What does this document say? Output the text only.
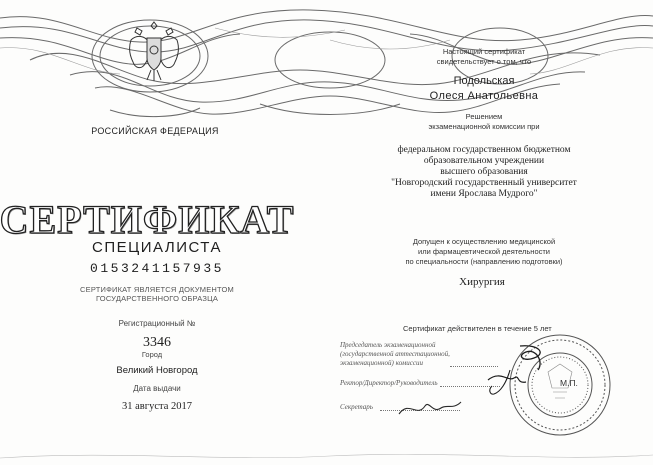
РОССИЙСКАЯ ФЕДЕРАЦИЯ
СЕРТИФИКАТ
СПЕЦИАЛИСТА
0153241157935
СЕРТИФИКАТ ЯВЛЯЕТСЯ ДОКУМЕНТОМ
ГОСУДАРСТВЕННОГО ОБРАЗЦА
Регистрационный №
3346
Город
Великий Новгород
Дата выдачи
31 августа 2017
Настоящий сертификат
свидетельствует о том, что
Подольская
Олеся Анатольевна
Решением
экзаменационной комиссии при
федеральном государственном бюджетном
образовательном учреждении
высшего образования
"Новгородский государственный университет
имени Ярослава Мудрого"
Допущен к осуществлению медицинской
или фармацевтической деятельности
по специальности (направлению подготовки)
Хирургия
Сертификат действителен в течение 5 лет
Председатель экзаменационной
(государственной аттестационной,
экзаменационной) комиссии
Ректор/Директор/Руководитель
Секретарь
М.П.
